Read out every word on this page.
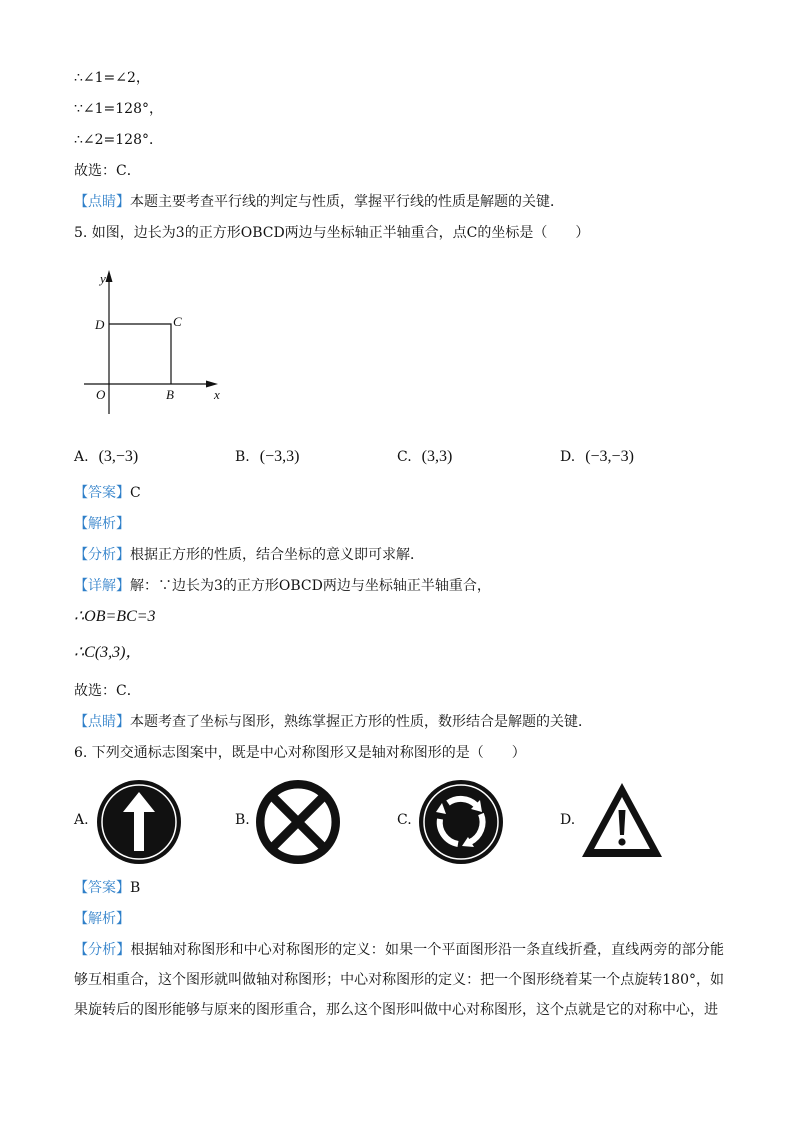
∴∠1=∠2，
∵∠1=128°，
∴∠2=128°．
故选：C．
【点睛】本题主要考查平行线的判定与性质，掌握平行线的性质是解题的关键．
5. 如图，边长为3的正方形OBCD两边与坐标轴正半轴重合，点C的坐标是（　　）
y
x
O	B
C
D
A. (3,−3)	B. (−3,3)	C. (3,3)	D. (−3,−3)
【答案】C
【解析】
【分析】根据正方形的性质，结合坐标的意义即可求解．
【详解】解：∵边长为3的正方形OBCD两边与坐标轴正半轴重合，
∴OB=BC=3
∴C(3,3)，
故选：C．
【点睛】本题考查了坐标与图形，熟练掌握正方形的性质，数形结合是解题的关键．
6. 下列交通标志图案中，既是中心对称图形又是轴对称图形的是（　　）
A.	B.	C.	D.
【答案】B
【解析】
【分析】根据轴对称图形和中心对称图形的定义：如果一个平面图形沿一条直线折叠，直线两旁的部分能够互相重合，这个图形就叫做轴对称图形；中心对称图形的定义：把一个图形绕着某一个点旋转180°，如果旋转后的图形能够与原来的图形重合，那么这个图形叫做中心对称图形，这个点就是它的对称中心，进
